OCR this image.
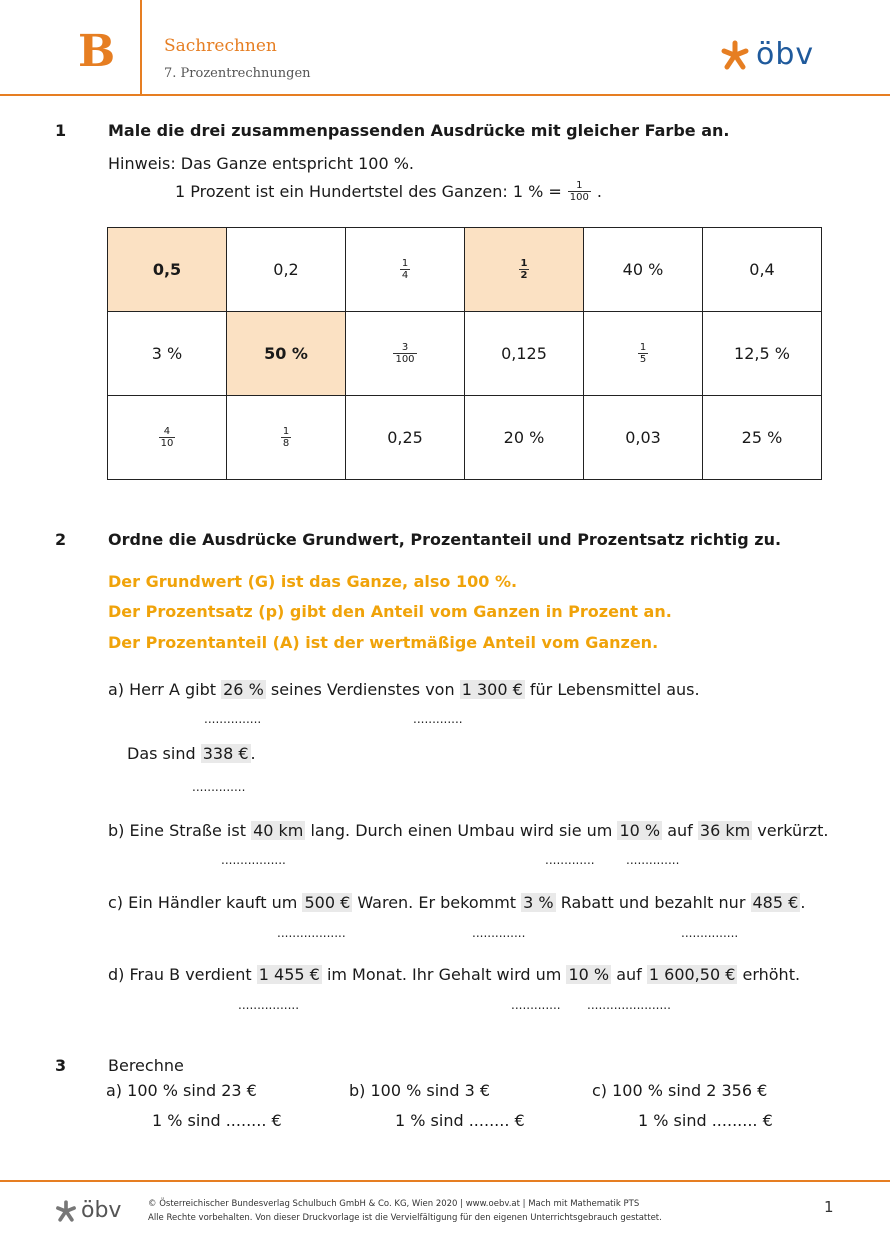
B	Sachrechnen
7. Prozentrechnungen
öbv
1	Male die drei zusammenpassenden Ausdrücke mit gleicher Farbe an.
Hinweis: Das Ganze entspricht 100 %.
1 Prozent ist ein Hundertstel des Ganzen: 1 % = $\frac{1}{100}$ .
0,5	0,2	$\frac{1}{4}$	$\frac{1}{2}$	40 %	0,4
3 %	50 %	$\frac{3}{100}$	0,125	$\frac{1}{5}$	12,5 %

$\frac{4}{10}$	$\frac{1}{8}$	0,25	20 %	0,03	25 %
2	Ordne die Ausdrücke Grundwert, Prozentanteil und Prozentsatz richtig zu.
Der Grundwert (G) ist das Ganze, also 100 %.
Der Prozentsatz (p) gibt den Anteil vom Ganzen in Prozent an.
Der Prozentanteil (A) ist der wertmäßige Anteil vom Ganzen.
a) Herr A gibt 26 % seines Verdienstes von 1 300 € für Lebensmittel aus.
...............	.............
Das sind 338 € .
..............
b) Eine Straße ist 40 km lang. Durch einen Umbau wird sie um 10 % auf 36 km verkürzt.
.................	.............	..............
c) Ein Händler kauft um 500 € Waren. Er bekommt 3 % Rabatt und bezahlt nur 485 € .
..................	..............	...............
d) Frau B verdient 1 455 € im Monat. Ihr Gehalt wird um 10 % auf 1 600,50 € erhöht.
................	............. ......................
3	Berechne
a) 100 % sind 23 €
1 % sind ........ €
b) 100 % sind 3 €
1 % sind ........ €
c) 100 % sind 2 356 €
1 % sind ......... €
öbv	© Österreichischer Bundesverlag Schulbuch GmbH & Co. KG, Wien 2020 | www.oebv.at | Mach mit Mathematik PTS
Alle Rechte vorbehalten. Von dieser Druckvorlage ist die Vervielfältigung für den eigenen Unterrichtsgebrauch gestattet.
1
